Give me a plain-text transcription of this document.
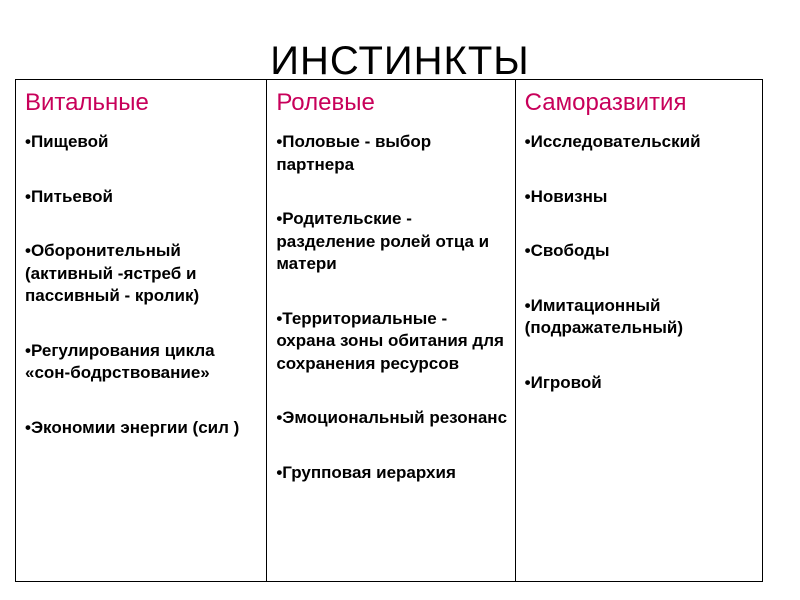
ИНСТИНКТЫ
Витальные
•Пищевой
•Питьевой
•Оборонительный (активный -ястреб и пассивный - кролик)
•Регулирования цикла «сон-бодрствование»
•Экономии энергии (сил )
Ролевые
•Половые - выбор партнера
•Родительские - разделение ролей отца и матери
•Территориальные - охрана зоны обитания для сохранения ресурсов
•Эмоциональный резонанс
•Групповая иерархия
Саморазвития
•Исследовательский
•Новизны
•Свободы
•Имитационный (подражательный)
•Игровой
